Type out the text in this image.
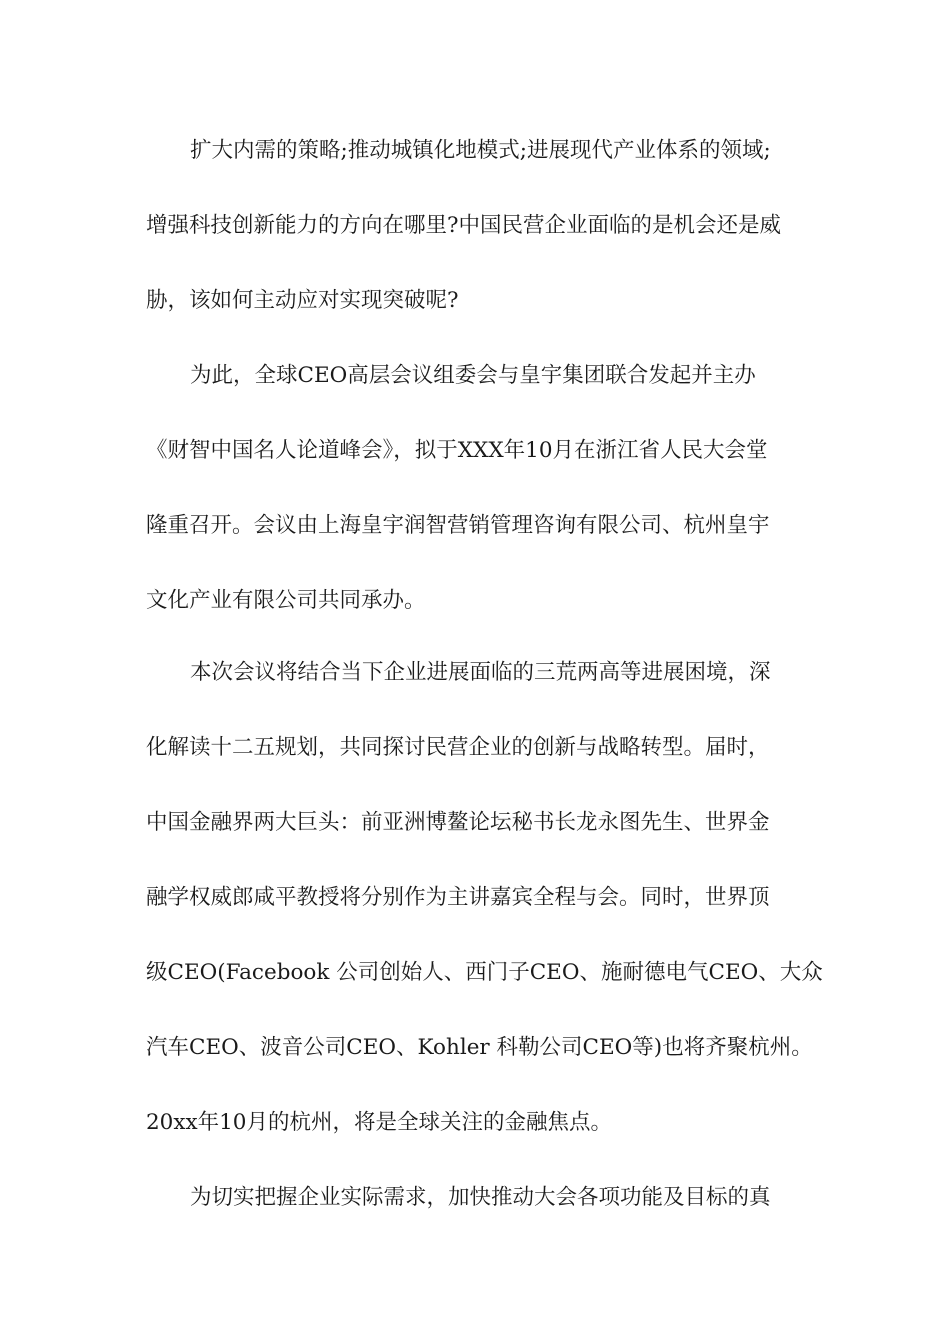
扩大内需的策略;推动城镇化地模式;进展现代产业体系的领域;
增强科技创新能力的方向在哪里?中国民营企业面临的是机会还是威
胁，该如何主动应对实现突破呢?
为此，全球CEO高层会议组委会与皇宇集团联合发起并主办
《财智中国名人论道峰会》，拟于XXX年10月在浙江省人民大会堂
隆重召开。会议由上海皇宇润智营销管理咨询有限公司、杭州皇宇
文化产业有限公司共同承办。
本次会议将结合当下企业进展面临的三荒两高等进展困境，深
化解读十二五规划，共同探讨民营企业的创新与战略转型。届时，
中国金融界两大巨头：前亚洲博鳌论坛秘书长龙永图先生、世界金
融学权威郎咸平教授将分别作为主讲嘉宾全程与会。同时，世界顶
级CEO(Facebook 公司创始人、西门子CEO、施耐德电气CEO、大众
汽车CEO、波音公司CEO、Kohler 科勒公司CEO等)也将齐聚杭州。
20xx年10月的杭州，将是全球关注的金融焦点。
为切实把握企业实际需求，加快推动大会各项功能及目标的真
